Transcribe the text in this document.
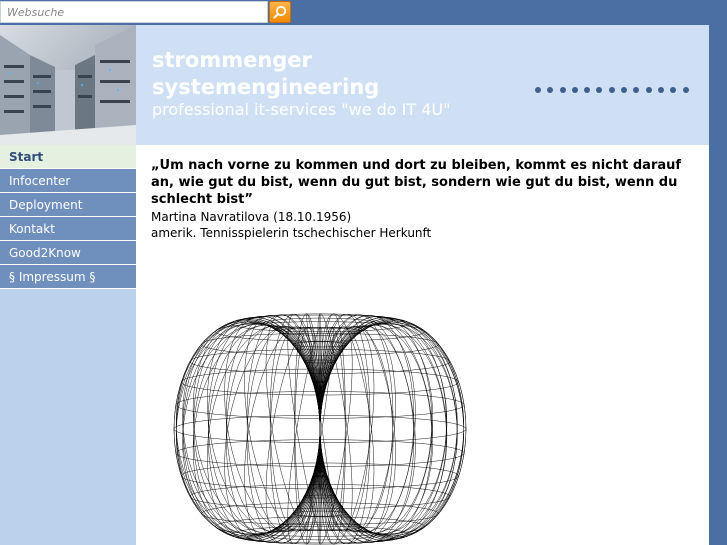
Websuche
strommenger
systemengineering
professional it-services "we do IT 4U"
Start
Infocenter
Deployment
Kontakt
Good2Know
§ Impressum §

„Um nach vorne zu kommen und dort zu bleiben, kommt es nicht darauf an, wie gut du bist, wenn du gut bist, sondern wie gut du bist, wenn du schlecht bist”

Martina Navratilova (18.10.1956)
amerik. Tennisspielerin tschechischer Herkunft
